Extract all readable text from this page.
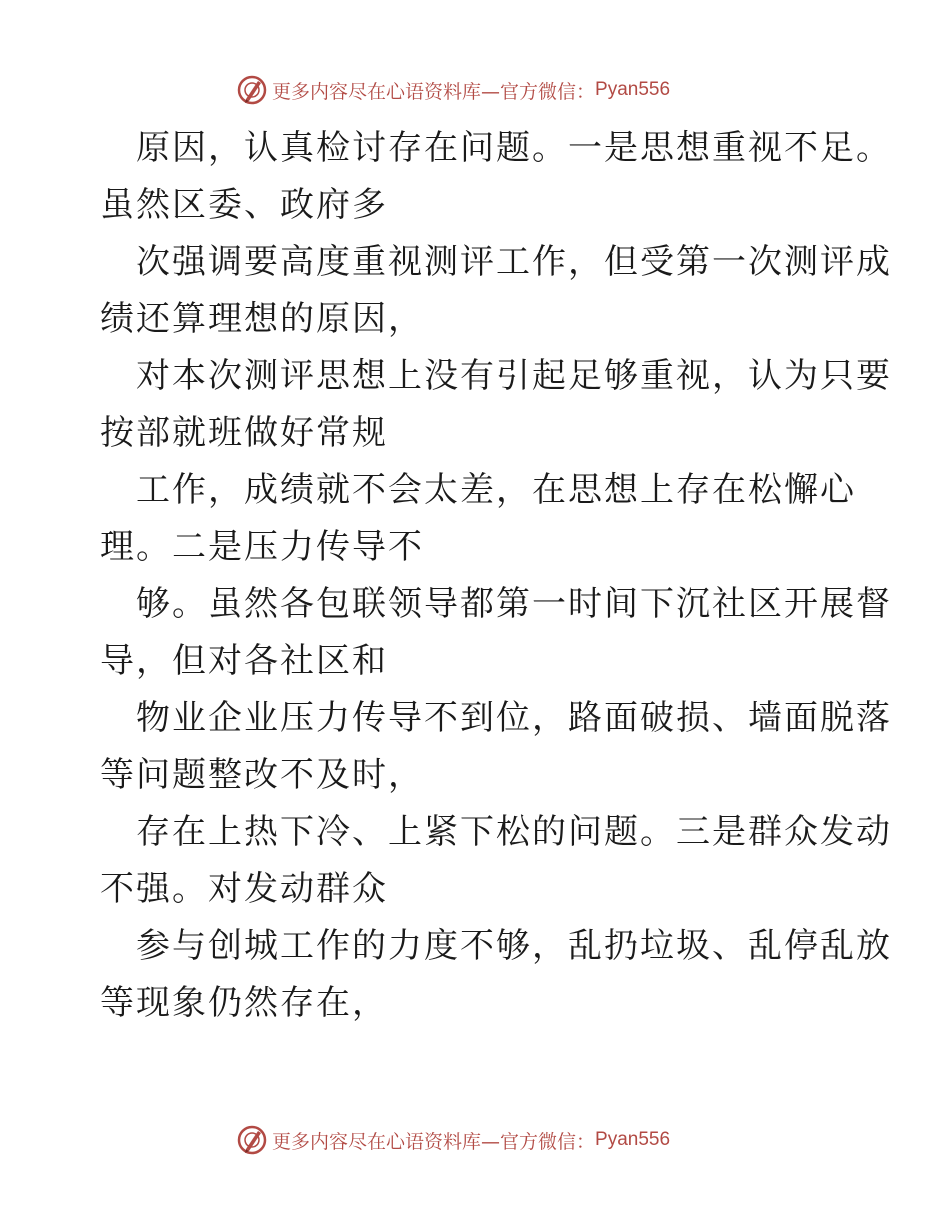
更多内容尽在心语资料库—官方微信： Pyan556

原因，认真检讨存在问题。一是思想重视不足。

虽然区委、政府多

次强调要高度重视测评工作，但受第一次测评成

绩还算理想的原因，

对本次测评思想上没有引起足够重视，认为只要

按部就班做好常规

工作，成绩就不会太差，在思想上存在松懈心

理。二是压力传导不

够。虽然各包联领导都第一时间下沉社区开展督

导，但对各社区和

物业企业压力传导不到位，路面破损、墙面脱落

等问题整改不及时，

存在上热下冷、上紧下松的问题。三是群众发动

不强。对发动群众

参与创城工作的力度不够，乱扔垃圾、乱停乱放

等现象仍然存在，

更多内容尽在心语资料库—官方微信： Pyan556
